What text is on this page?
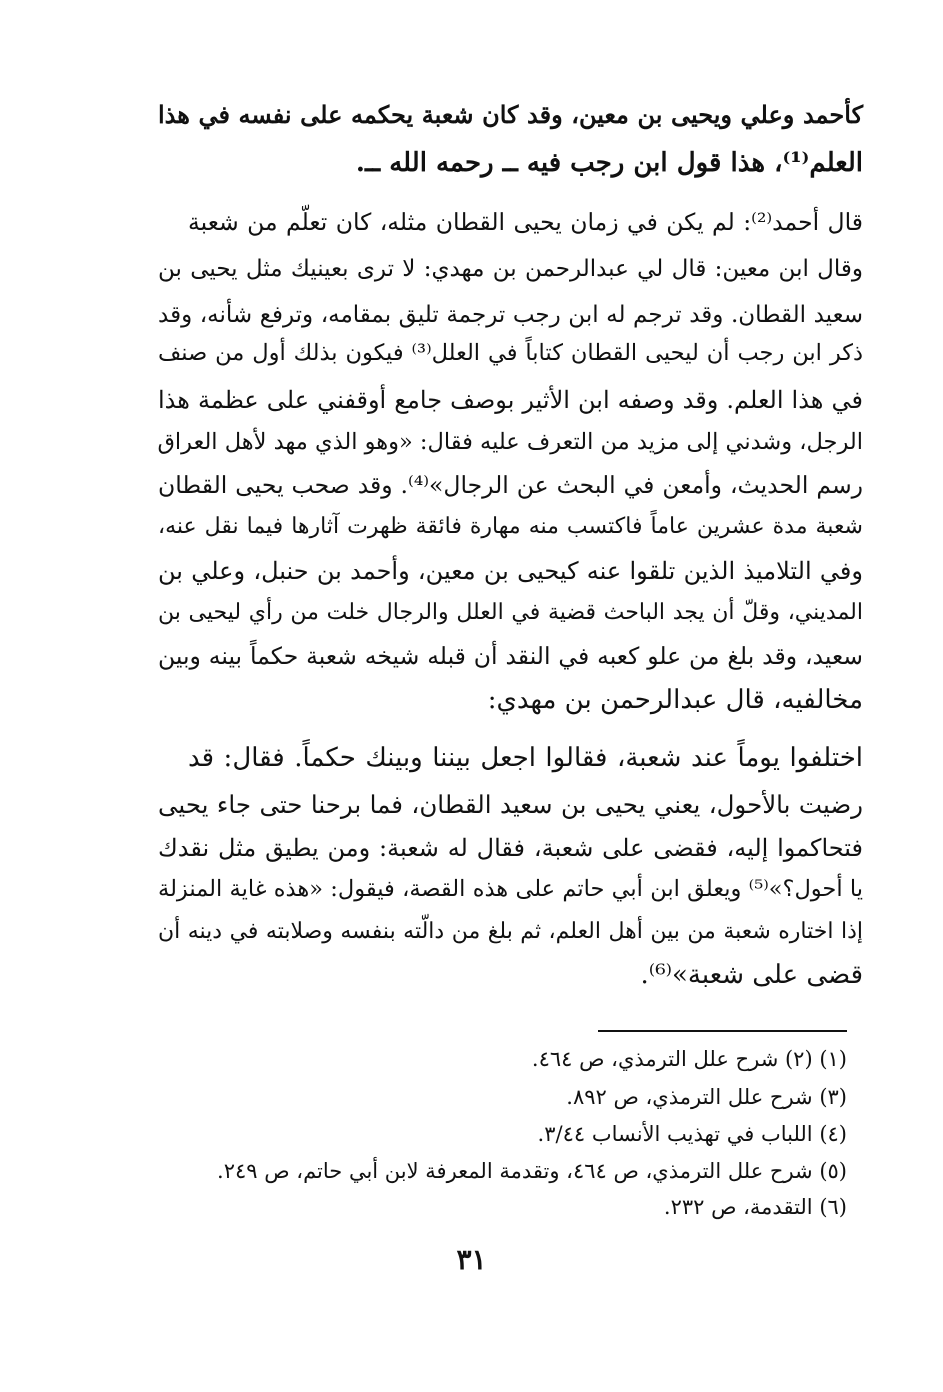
كأحمد وعلي ويحيى بن معين، وقد كان شعبة يحكمه على نفسه في هذا
العلم⁽¹⁾، هذا قول ابن رجب فيه ــ رحمه الله ــ.
قال أحمد⁽²⁾: لم يكن في زمان يحيى القطان مثله، كان تعلّم من شعبة
وقال ابن معين: قال لي عبدالرحمن بن مهدي: لا ترى بعينيك مثل يحيى بن
سعيد القطان. وقد ترجم له ابن رجب ترجمة تليق بمقامه، وترفع شأنه، وقد
ذكر ابن رجب أن ليحيى القطان كتاباً في العلل⁽³⁾ فيكون بذلك أول من صنف
في هذا العلم. وقد وصفه ابن الأثير بوصف جامع أوقفني على عظمة هذا
الرجل، وشدني إلى مزيد من التعرف عليه فقال: «وهو الذي مهد لأهل العراق
رسم الحديث، وأمعن في البحث عن الرجال»⁽⁴⁾. وقد صحب يحيى القطان
شعبة مدة عشرين عاماً فاكتسب منه مهارة فائقة ظهرت آثارها فيما نقل عنه،
وفي التلاميذ الذين تلقوا عنه كيحيى بن معين، وأحمد بن حنبل، وعلي بن
المديني، وقلّ أن يجد الباحث قضية في العلل والرجال خلت من رأي ليحيى بن
سعيد، وقد بلغ من علو كعبه في النقد أن قبله شيخه شعبة حكماً بينه وبين
مخالفيه، قال عبدالرحمن بن مهدي:
اختلفوا يوماً عند شعبة، فقالوا اجعل بيننا وبينك حكماً. فقال: قد
رضيت بالأحول، يعني يحيى بن سعيد القطان، فما برحنا حتى جاء يحيى
فتحاكموا إليه، فقضى على شعبة، فقال له شعبة: ومن يطيق مثل نقدك
يا أحول؟»⁽⁵⁾ ويعلق ابن أبي حاتم على هذه القصة، فيقول: «هذه غاية المنزلة
إذا اختاره شعبة من بين أهل العلم، ثم بلغ من دالّته بنفسه وصلابته في دينه أن
قضى على شعبة»⁽⁶⁾.
(١) (٢) شرح علل الترمذي، ص ٤٦٤.
(٣) شرح علل الترمذي، ص ٨٩٢.
(٤) اللباب في تهذيب الأنساب ٣/٤٤.
(٥) شرح علل الترمذي، ص ٤٦٤، وتقدمة المعرفة لابن أبي حاتم، ص ٢٤٩.
(٦) التقدمة، ص ٢٣٢.
٣١
